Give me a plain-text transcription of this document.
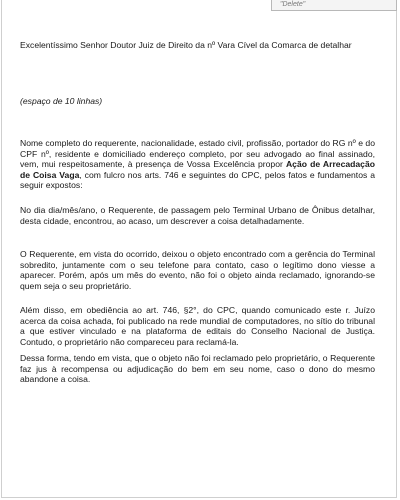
"Delete"

Excelentíssimo Senhor Doutor Juiz de Direito da nº Vara Cível da Comarca de detalhar

(espaço de 10 linhas)

Nome completo do requerente, nacionalidade, estado civil, profissão, portador do RG nº e do CPF nº, residente e domiciliado endereço completo, por seu advogado ao final assinado, vem, mui respeitosamente, à presença de Vossa Excelência propor Ação de Arrecadação de Coisa Vaga, com fulcro nos arts. 746 e seguintes do CPC, pelos fatos e fundamentos a seguir expostos:

No dia dia/mês/ano, o Requerente, de passagem pelo Terminal Urbano de Ônibus detalhar, desta cidade, encontrou, ao acaso, um descrever a coisa detalhadamente.

O Requerente, em vista do ocorrido, deixou o objeto encontrado com a gerência do Terminal sobredito, juntamente com o seu telefone para contato, caso o legítimo dono viesse a aparecer. Porém, após um mês do evento, não foi o objeto ainda reclamado, ignorando-se quem seja o seu proprietário.

Além disso, em obediência ao art. 746, §2°, do CPC, quando comunicado este r. Juízo acerca da coisa achada, foi publicado na rede mundial de computadores, no sítio do tribunal a que estiver vinculado e na plataforma de editais do Conselho Nacional de Justiça. Contudo, o proprietário não compareceu para reclamá-la.

Dessa forma, tendo em vista, que o objeto não foi reclamado pelo proprietário, o Requerente faz jus à recompensa ou adjudicação do bem em seu nome, caso o dono do mesmo abandone a coisa.
